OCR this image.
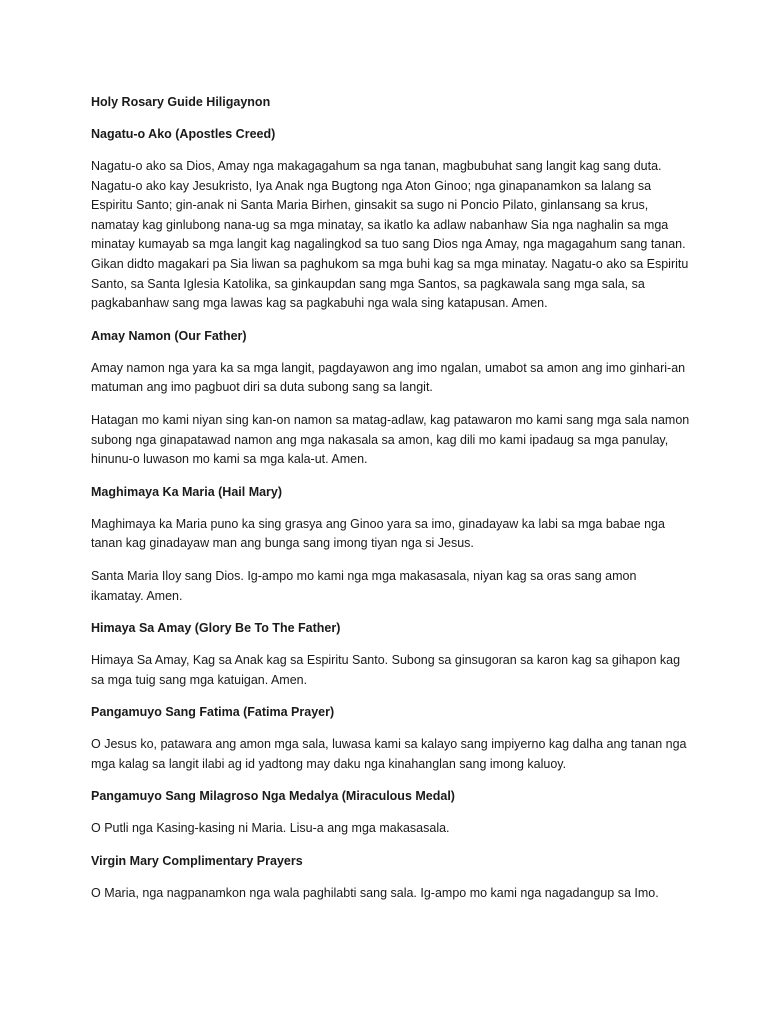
Holy Rosary Guide Hiligaynon
Nagatu-o Ako (Apostles Creed)

Nagatu-o ako sa Dios, Amay nga makagagahum sa nga tanan, magbubuhat sang langit kag sang duta. Nagatu-o ako kay Jesukristo, Iya Anak nga Bugtong nga Aton Ginoo; nga ginapanamkon sa lalang sa Espiritu Santo; gin-anak ni Santa Maria Birhen, ginsakit sa sugo ni Poncio Pilato, ginlansang sa krus, namatay kag ginlubong nana-ug sa mga minatay, sa ikatlo ka adlaw nabanhaw Sia nga naghalin sa mga minatay kumayab sa mga langit kag nagalingkod sa tuo sang Dios nga Amay, nga magagahum sang tanan. Gikan didto magakari pa Sia liwan sa paghukom sa mga buhi kag sa mga minatay. Nagatu-o ako sa Espiritu Santo, sa Santa Iglesia Katolika, sa ginkaupdan sang mga Santos, sa pagkawala sang mga sala, sa pagkabanhaw sang mga lawas kag sa pagkabuhi nga wala sing katapusan. Amen.

Amay Namon (Our Father)

Amay namon nga yara ka sa mga langit, pagdayawon ang imo ngalan, umabot sa amon ang imo ginhari-an matuman ang imo pagbuot diri sa duta subong sang sa langit.

Hatagan mo kami niyan sing kan-on namon sa matag-adlaw, kag patawaron mo kami sang mga sala namon subong nga ginapatawad namon ang mga nakasala sa amon, kag dili mo kami ipadaug sa mga panulay, hinunu-o luwason mo kami sa mga kala-ut. Amen.

Maghimaya Ka Maria (Hail Mary)

Maghimaya ka Maria puno ka sing grasya ang Ginoo yara sa imo, ginadayaw ka labi sa mga babae nga tanan kag ginadayaw man ang bunga sang imong tiyan nga si Jesus.

Santa Maria Iloy sang Dios. Ig-ampo mo kami nga mga makasasala, niyan kag sa oras sang amon ikamatay. Amen.

Himaya Sa Amay (Glory Be To The Father)

Himaya Sa Amay, Kag sa Anak kag sa Espiritu Santo. Subong sa ginsugoran sa karon kag sa gihapon kag sa mga tuig sang mga katuigan. Amen.

Pangamuyo Sang Fatima (Fatima Prayer)

O Jesus ko, patawara ang amon mga sala, luwasa kami sa kalayo sang impiyerno kag dalha ang tanan nga mga kalag sa langit ilabi ag id yadtong may daku nga kinahanglan sang imong kaluoy.

Pangamuyo Sang Milagroso Nga Medalya (Miraculous Medal)

O Putli nga Kasing-kasing ni Maria. Lisu-a ang mga makasasala.

Virgin Mary Complimentary Prayers

O Maria, nga nagpanamkon nga wala paghilabti sang sala. Ig-ampo mo kami nga nagadangup sa Imo.
